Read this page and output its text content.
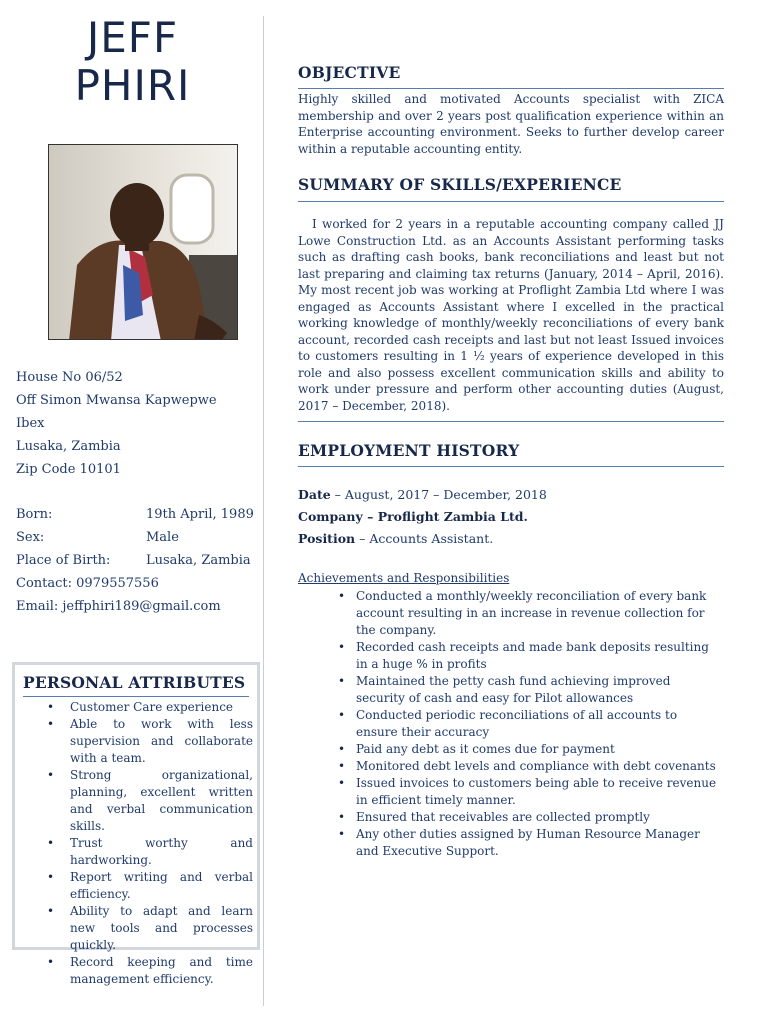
JEFF
PHIRI
House No 06/52
Off Simon Mwansa Kapwepwe
Ibex
Lusaka, Zambia
Zip Code 10101
Born:	19th April, 1989
Sex:	Male
Place of Birth:	Lusaka, Zambia
Contact: 0979557556
Email: jeffphiri189@gmail.com
PERSONAL ATTRIBUTES
• Customer Care experience
• Able to work with less supervision and collaborate with a team.
• Strong organizational, planning, excellent written and verbal communication skills.
• Trust worthy and hardworking.
• Report writing and verbal efficiency.
• Ability to adapt and learn new tools and processes quickly.
• Record keeping and time management efficiency.
OBJECTIVE

Highly skilled and motivated Accounts specialist with ZICA membership and over 2 years post qualification experience within an Enterprise accounting environment. Seeks to further develop career within a reputable accounting entity.

SUMMARY OF SKILLS/EXPERIENCE

I worked for 2 years in a reputable accounting company called JJ Lowe Construction Ltd. as an Accounts Assistant performing tasks such as drafting cash books, bank reconciliations and least but not last preparing and claiming tax returns (January, 2014 – April, 2016). My most recent job was working at Proflight Zambia Ltd where I was engaged as Accounts Assistant where I excelled in the practical working knowledge of monthly/weekly reconciliations of every bank account, recorded cash receipts and last but not least Issued invoices to customers resulting in 1 ½ years of experience developed in this role and also possess excellent communication skills and ability to work under pressure and perform other accounting duties (August, 2017 – December, 2018).

EMPLOYMENT HISTORY
Date – August, 2017 – December, 2018
Company – Proflight Zambia Ltd.
Position – Accounts Assistant.
Achievements and Responsibilities
• Conducted a monthly/weekly reconciliation of every bank account resulting in an increase in revenue collection for the company.
• Recorded cash receipts and made bank deposits resulting in a huge % in profits
• Maintained the petty cash fund achieving improved security of cash and easy for Pilot allowances
• Conducted periodic reconciliations of all accounts to ensure their accuracy
• Paid any debt as it comes due for payment
• Monitored debt levels and compliance with debt covenants
• Issued invoices to customers being able to receive revenue in efficient timely manner.
• Ensured that receivables are collected promptly
• Any other duties assigned by Human Resource Manager and Executive Support.
